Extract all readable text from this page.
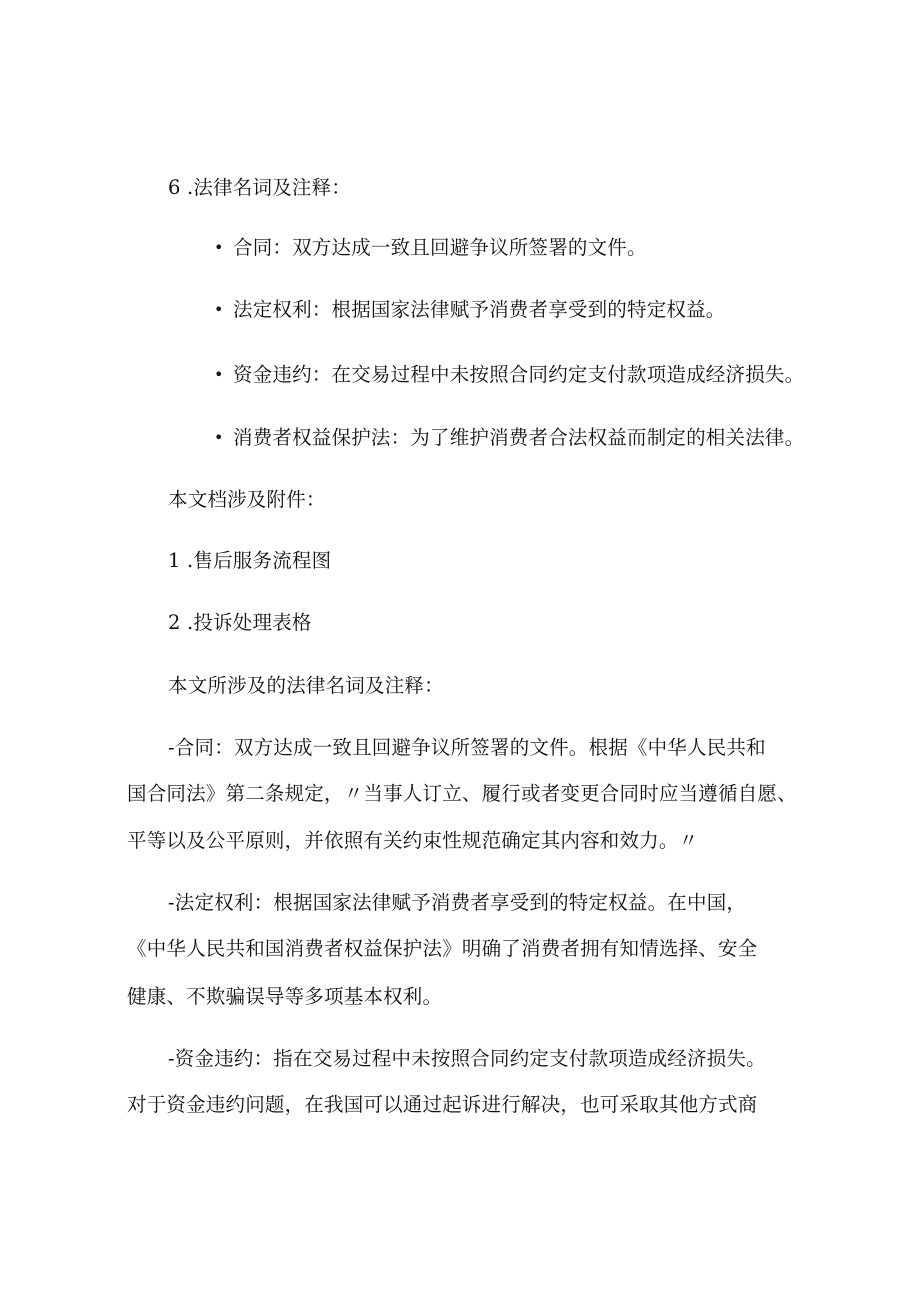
6 .法律名词及注释：
• 合同：双方达成一致且回避争议所签署的文件。
• 法定权利：根据国家法律赋予消费者享受到的特定权益。
• 资金违约：在交易过程中未按照合同约定支付款项造成经济损失。
• 消费者权益保护法：为了维护消费者合法权益而制定的相关法律。
本文档涉及附件：
1 .售后服务流程图
2 .投诉处理表格
本文所涉及的法律名词及注释：
-合同：双方达成一致且回避争议所签署的文件。根据《中华人民共和
国合同法》第二条规定，〃当事人订立、履行或者变更合同时应当遵循自愿、
平等以及公平原则，并依照有关约束性规范确定其内容和效力。〃
-法定权利：根据国家法律赋予消费者享受到的特定权益。在中国，
《中华人民共和国消费者权益保护法》明确了消费者拥有知情选择、安全
健康、不欺骗误导等多项基本权利。
-资金违约：指在交易过程中未按照合同约定支付款项造成经济损失。
对于资金违约问题，在我国可以通过起诉进行解决，也可采取其他方式商
